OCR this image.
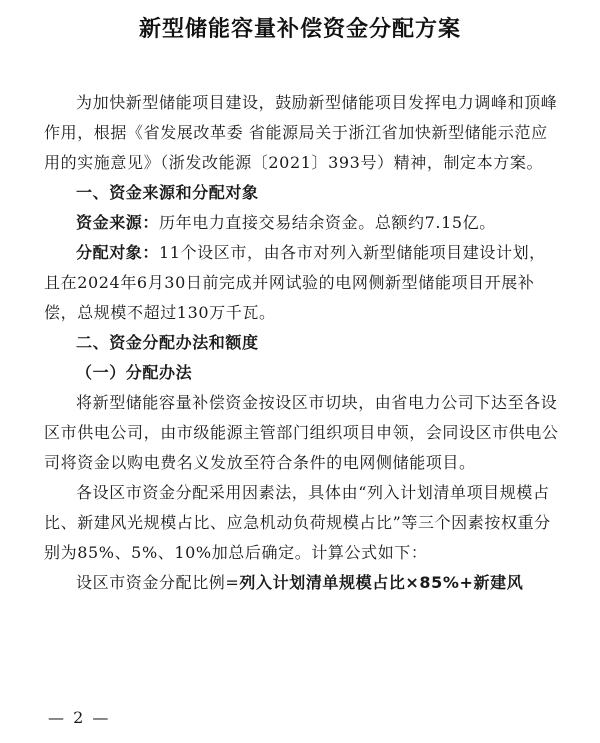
新型储能容量补偿资金分配方案

为加快新型储能项目建设，鼓励新型储能项目发挥电力调峰和顶峰作用，根据《省发展改革委 省能源局关于浙江省加快新型储能示范应用的实施意见》（浙发改能源〔2021〕393号）精神，制定本方案。

一、资金来源和分配对象

资金来源：历年电力直接交易结余资金。总额约7.15亿。

分配对象：11个设区市，由各市对列入新型储能项目建设计划，且在2024年6月30日前完成并网试验的电网侧新型储能项目开展补偿，总规模不超过130万千瓦。

二、资金分配办法和额度

（一）分配办法

将新型储能容量补偿资金按设区市切块，由省电力公司下达至各设区市供电公司，由市级能源主管部门组织项目申领，会同设区市供电公司将资金以购电费名义发放至符合条件的电网侧储能项目。

各设区市资金分配采用因素法，具体由“列入计划清单项目规模占比、新建风光规模占比、应急机动负荷规模占比”等三个因素按权重分别为85%、5%、10%加总后确定。计算公式如下：

设区市资金分配比例=列入计划清单规模占比×85%+新建风

— 2 —
